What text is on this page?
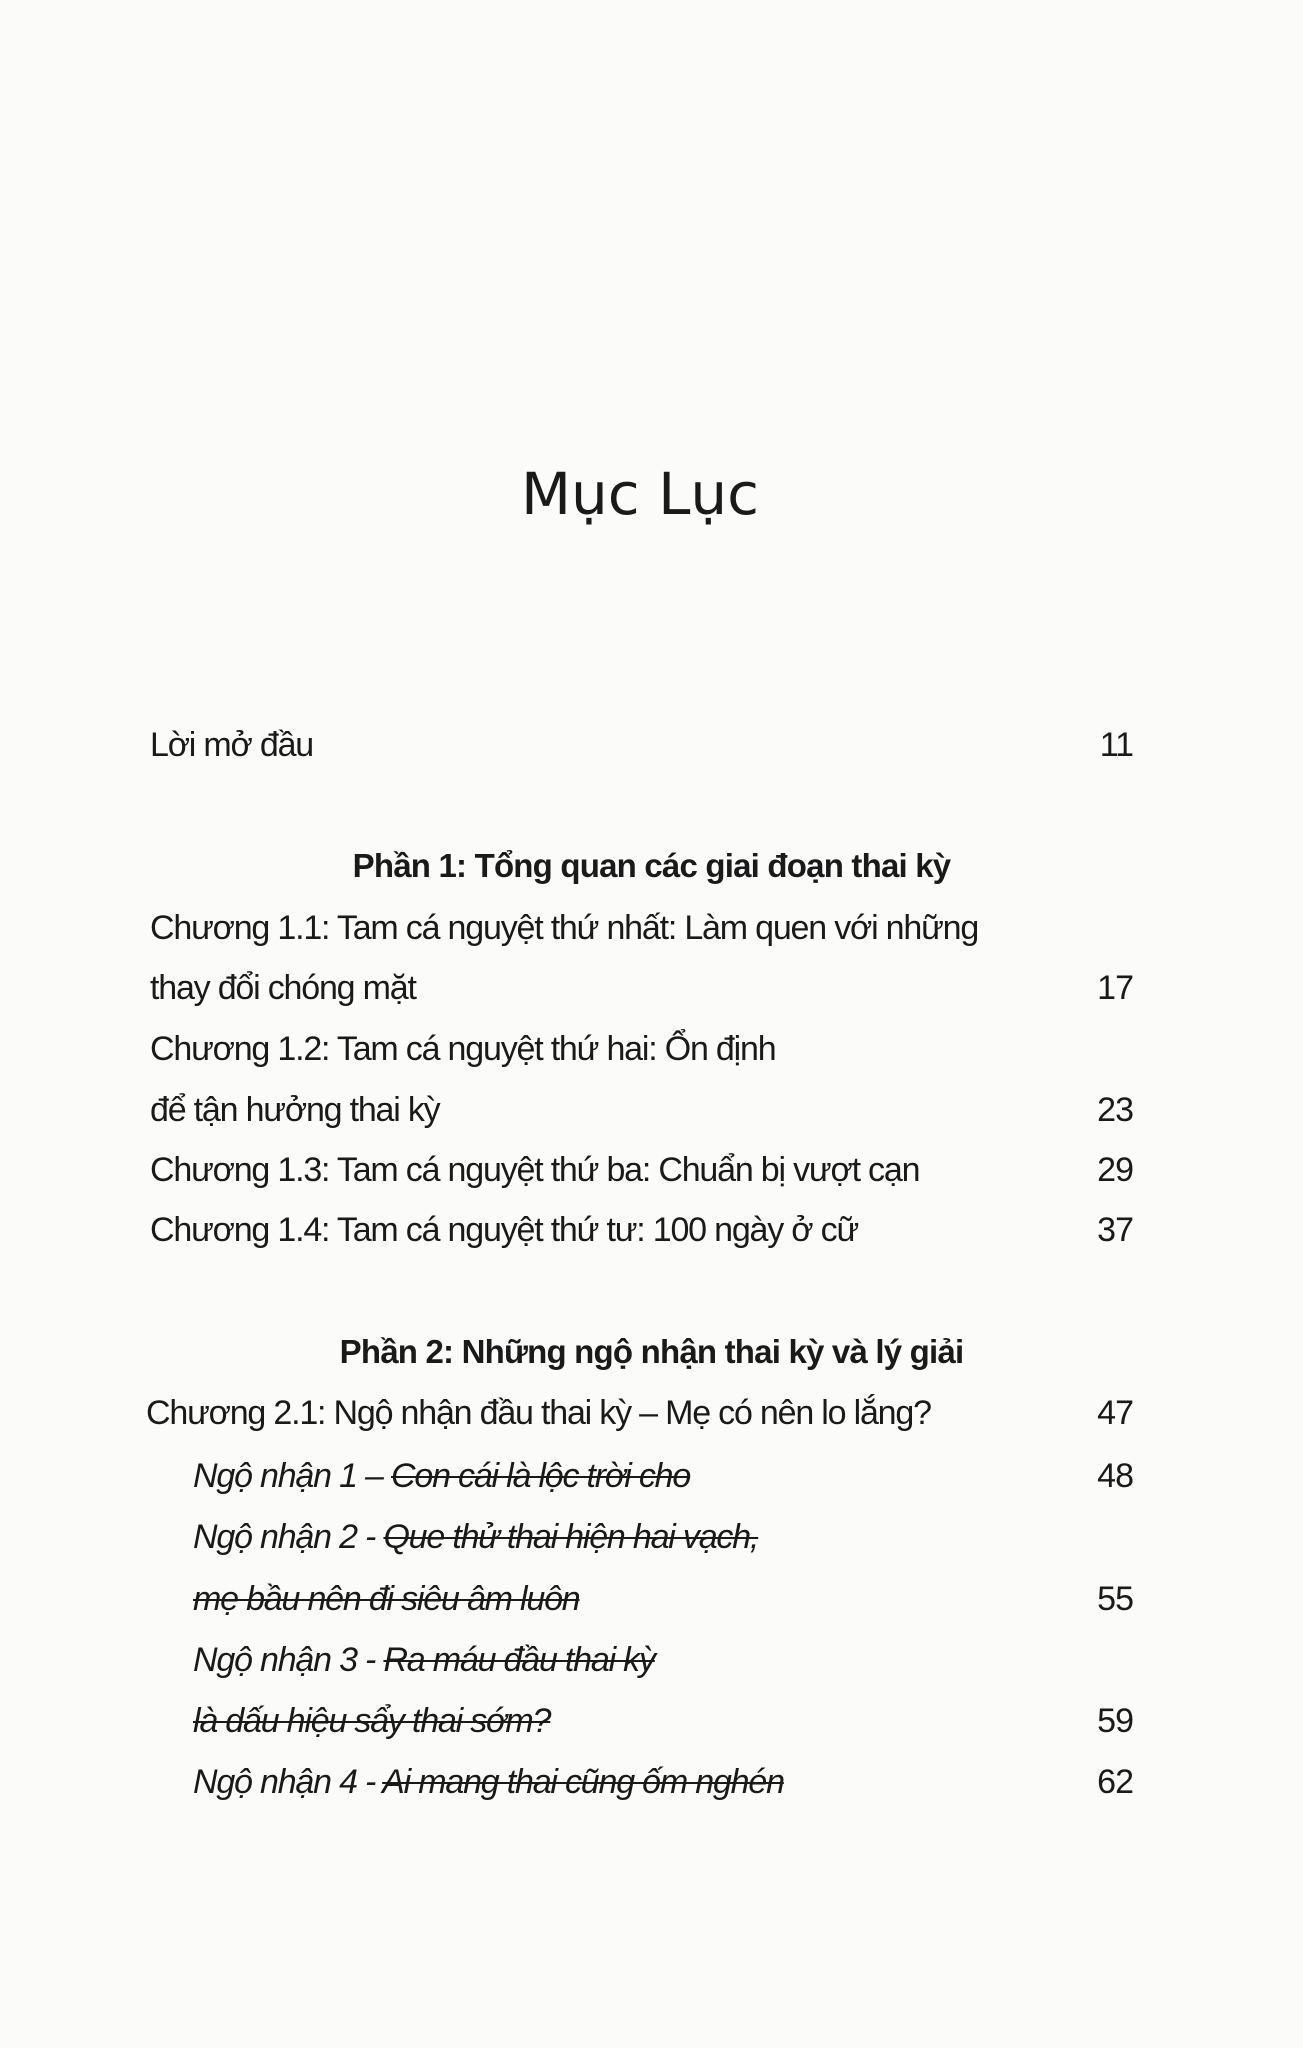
Mục Lục
Lời mở đầu	11
Phần 1: Tổng quan các giai đoạn thai kỳ
Chương 1.1: Tam cá nguyệt thứ nhất: Làm quen với những
thay đổi chóng mặt	17
Chương 1.2: Tam cá nguyệt thứ hai: Ổn định
để tận hưởng thai kỳ	23
Chương 1.3: Tam cá nguyệt thứ ba: Chuẩn bị vượt cạn	29
Chương 1.4: Tam cá nguyệt thứ tư: 100 ngày ở cữ	37
Phần 2: Những ngộ nhận thai kỳ và lý giải
Chương 2.1: Ngộ nhận đầu thai kỳ – Mẹ có nên lo lắng?	47
Ngộ nhận 1 – Con cái là lộc trời cho	48
Ngộ nhận 2 - Que thử thai hiện hai vạch,
mẹ bầu nên đi siêu âm luôn	55
Ngộ nhận 3 - Ra máu đầu thai kỳ
là dấu hiệu sẩy thai sớm?	59
Ngộ nhận 4 - Ai mang thai cũng ốm nghén	62
